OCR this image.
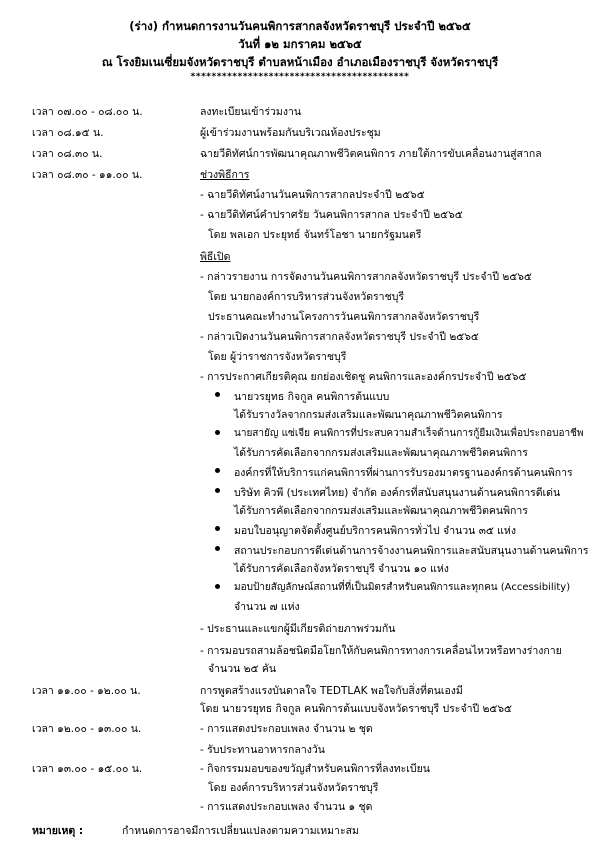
(ร่าง) กำหนดการงานวันคนพิการสากลจังหวัดราชบุรี ประจำปี ๒๕๖๕
วันที่ ๑๒ มกราคม ๒๕๖๕
ณ โรงยิมเนเซี่ยมจังหวัดราชบุรี ตำบลหน้าเมือง อำเภอเมืองราชบุรี จังหวัดราชบุรี
******************************************
เวลา ๐๗.๐๐ - ๐๘.๐๐ น.	ลงทะเบียนเข้าร่วมงาน
เวลา ๐๘.๑๕ น.	ผู้เข้าร่วมงานพร้อมกันบริเวณห้องประชุม
เวลา ๐๘.๓๐ น.	ฉายวีดิทัศน์การพัฒนาคุณภาพชีวิตคนพิการ ภายใต้การขับเคลื่อนงานสู่สากล
เวลา ๐๘.๓๐ - ๑๑.๐๐ น.	ช่วงพิธีการ
- ฉายวีดิทัศน์งานวันคนพิการสากลประจำปี ๒๕๖๕
- ฉายวีดิทัศน์คำปราศรัย วันคนพิการสากล ประจำปี ๒๕๖๕
โดย พลเอก ประยุทธ์ จันทร์โอชา นายกรัฐมนตรี
พิธีเปิด
- กล่าวรายงาน การจัดงานวันคนพิการสากลจังหวัดราชบุรี ประจำปี ๒๕๖๕
โดย นายกองค์การบริหารส่วนจังหวัดราชบุรี
ประธานคณะทำงานโครงการวันคนพิการสากลจังหวัดราชบุรี
- กล่าวเปิดงานวันคนพิการสากลจังหวัดราชบุรี ประจำปี ๒๕๖๕
โดย ผู้ว่าราชการจังหวัดราชบุรี
- การประกาศเกียรติคุณ ยกย่องเชิดชู คนพิการและองค์กรประจำปี ๒๕๖๕
นายวรยุทธ กิจกูล คนพิการต้นแบบ
ได้รับรางวัลจากกรมส่งเสริมและพัฒนาคุณภาพชีวิตคนพิการ
นายสายัญ แซ่เจีย คนพิการที่ประสบความสำเร็จด้านการกู้ยืมเงินเพื่อประกอบอาชีพ
ได้รับการคัดเลือกจากกรมส่งเสริมและพัฒนาคุณภาพชีวิตคนพิการ
องค์กรที่ให้บริการแก่คนพิการที่ผ่านการรับรองมาตรฐานองค์กรด้านคนพิการ
บริษัท คิวพี (ประเทศไทย) จำกัด องค์กรที่สนับสนุนงานด้านคนพิการดีเด่น
ได้รับการคัดเลือกจากกรมส่งเสริมและพัฒนาคุณภาพชีวิตคนพิการ
มอบใบอนุญาตจัดตั้งศูนย์บริการคนพิการทั่วไป จำนวน ๓๕ แห่ง
สถานประกอบการดีเด่นด้านการจ้างงานคนพิการและสนับสนุนงานด้านคนพิการ
ได้รับการคัดเลือกจังหวัดราชบุรี จำนวน ๑๐ แห่ง
มอบป้ายสัญลักษณ์สถานที่ที่เป็นมิตรสำหรับคนพิการและทุกคน (Accessibility)
จำนวน ๗ แห่ง
- ประธานและแขกผู้มีเกียรติถ่ายภาพร่วมกัน
- การมอบรถสามล้อชนิดมือโยกให้กับคนพิการทางการเคลื่อนไหวหรือทางร่างกาย
จำนวน ๒๕ คัน
เวลา ๑๑.๐๐ - ๑๒.๐๐ น.	การพูดสร้างแรงบันดาลใจ TEDTLAK พอใจกับสิ่งที่ตนเองมี
โดย นายวรยุทธ กิจกูล คนพิการต้นแบบจังหวัดราชบุรี ประจำปี ๒๕๖๕
เวลา ๑๒.๐๐ - ๑๓.๐๐ น.	- การแสดงประกอบเพลง จำนวน ๒ ชุด
- รับประทานอาหารกลางวัน
เวลา ๑๓.๐๐ - ๑๕.๐๐ น.	- กิจกรรมมอบของขวัญสำหรับคนพิการที่ลงทะเบียน
โดย องค์การบริหารส่วนจังหวัดราชบุรี
- การแสดงประกอบเพลง จำนวน ๑ ชุด
หมายเหตุ :	กำหนดการอาจมีการเปลี่ยนแปลงตามความเหมาะสม
